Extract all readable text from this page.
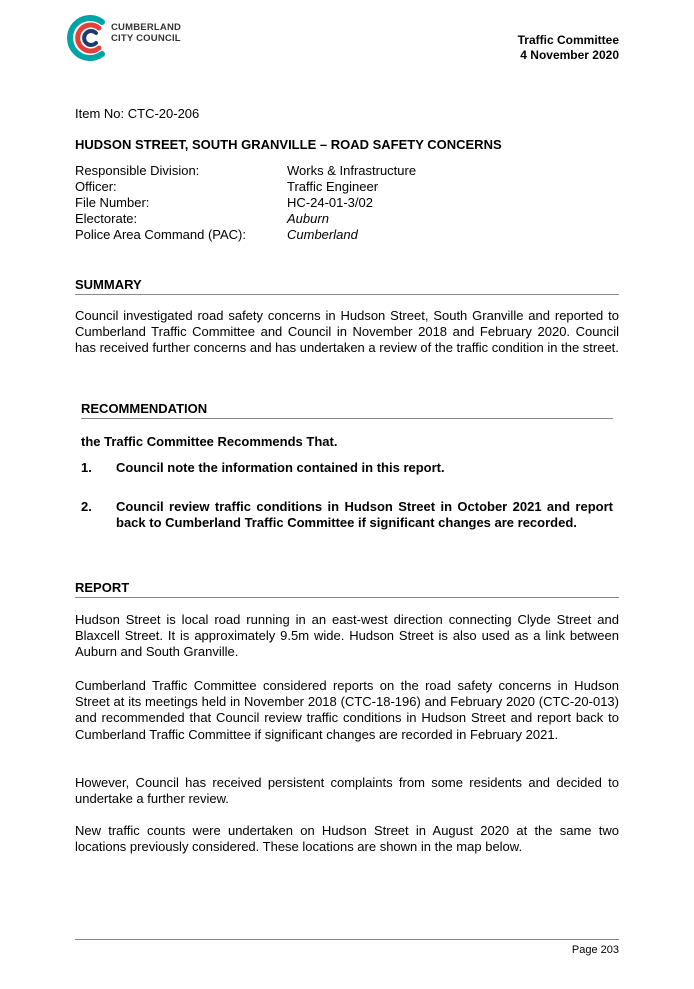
CUMBERLAND
CITY COUNCIL	Traffic Committee
4 November 2020
Item No: CTC-20-206
HUDSON STREET, SOUTH GRANVILLE – ROAD SAFETY CONCERNS
Responsible Division:	Works & Infrastructure
Officer:	Traffic Engineer
File Number:	HC-24-01-3/02
Electorate:	Auburn
Police Area Command (PAC):	Cumberland
SUMMARY
Council investigated road safety concerns in Hudson Street, South Granville and reported to Cumberland Traffic Committee and Council in November 2018 and February 2020. Council has received further concerns and has undertaken a review of the traffic condition in the street.
RECOMMENDATION
the Traffic Committee Recommends That.
1.	Council note the information contained in this report.
2.	Council review traffic conditions in Hudson Street in October 2021 and report back to Cumberland Traffic Committee if significant changes are recorded.
REPORT
Hudson Street is local road running in an east-west direction connecting Clyde Street and Blaxcell Street. It is approximately 9.5m wide. Hudson Street is also used as a link between Auburn and South Granville.
Cumberland Traffic Committee considered reports on the road safety concerns in Hudson Street at its meetings held in November 2018 (CTC-18-196) and February 2020 (CTC-20-013) and recommended that Council review traffic conditions in Hudson Street and report back to Cumberland Traffic Committee if significant changes are recorded in February 2021.
However, Council has received persistent complaints from some residents and decided to undertake a further review.
New traffic counts were undertaken on Hudson Street in August 2020 at the same two locations previously considered. These locations are shown in the map below.
Page 203
